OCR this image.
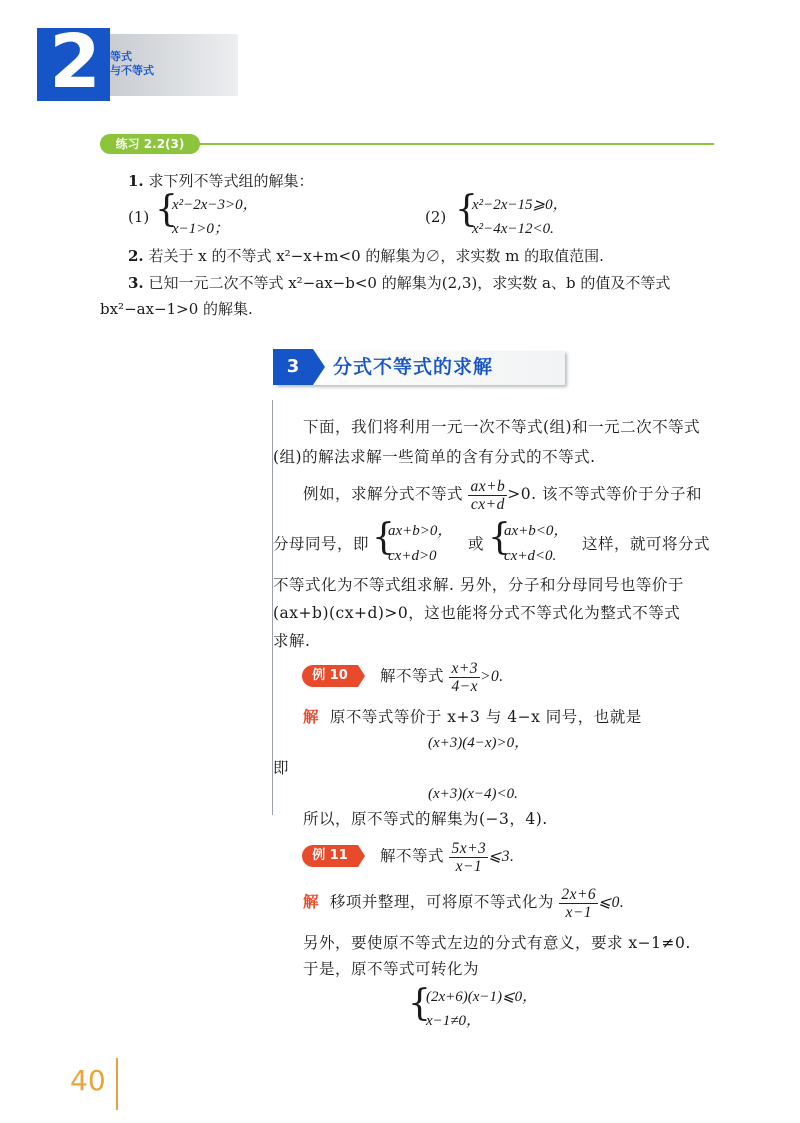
2 等式
与不等式
练习 2.2(3)
1. 求下列不等式组的解集：
(1) {
x²−2x−3>0，
x−1>0；
(2) {
x²−2x−15⩾0，
x²−4x−12<0.
2. 若关于 x 的不等式 x²−x+m<0 的解集为∅，求实数 m 的取值范围.
3. 已知一元二次不等式 x²−ax−b<0 的解集为(2,3)，求实数 a、b 的值及不等式
bx²−ax−1>0 的解集.
3	分式不等式的求解
下面，我们将利用一元一次不等式(组)和一元二次不等式
(组)的解法求解一些简单的含有分式的不等式.
例如，求解分式不等式 $\frac{ax+b}{cx+d} >0$. 该不等式等价于分子和
分母同号，即 {
ax+b>0，
cx+d>0
或 {
ax+b<0，
cx+d<0.
这样，就可将分式
不等式化为不等式组求解. 另外，分子和分母同号也等价于
(ax+b)(cx+d)>0，这也能将分式不等式化为整式不等式
求解.
例 10	解不等式 $\frac{x+3}{4-x} >0$.
解 原不等式等价于 x+3 与 4−x 同号，也就是
(x+3)(4−x)>0，
即
(x+3)(x−4)<0.
所以，原不等式的解集为(−3，4).
例 11	解不等式 $\frac{5x+3}{x-1}$ ⩽3.
解 移项并整理，可将原不等式化为 $\frac{2x+6}{x-1}$ ⩽0.
另外，要使原不等式左边的分式有意义，要求 x−1≠0.
于是，原不等式可转化为
{
(2x+6)(x−1)⩽0，
x−1≠0，
40
